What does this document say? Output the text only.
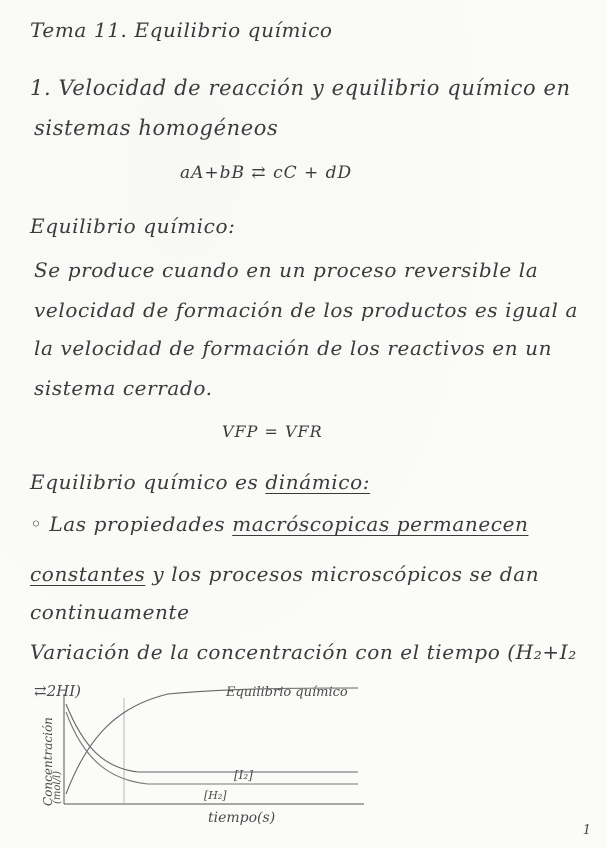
Tema 11. Equilibrio químico
1. Velocidad de reacción y equilibrio químico en
sistemas homogéneos
aA+bB ⇄ cC + dD
Equilibrio químico:
Se produce cuando en un proceso reversible la
velocidad de formación de los productos es igual a
la velocidad de formación de los reactivos en un
sistema cerrado.
VFP = VFR
Equilibrio químico es dinámico:
◦ Las propiedades macróscopicas permanecen
constantes y los procesos microscópicos se dan
continuamente
Variación de la concentración con el tiempo (H₂+I₂
⇄2HI)	Equilibrio químico
[I₂]
[H₂]
Concentración
(mol/l)
tiempo(s)
1
